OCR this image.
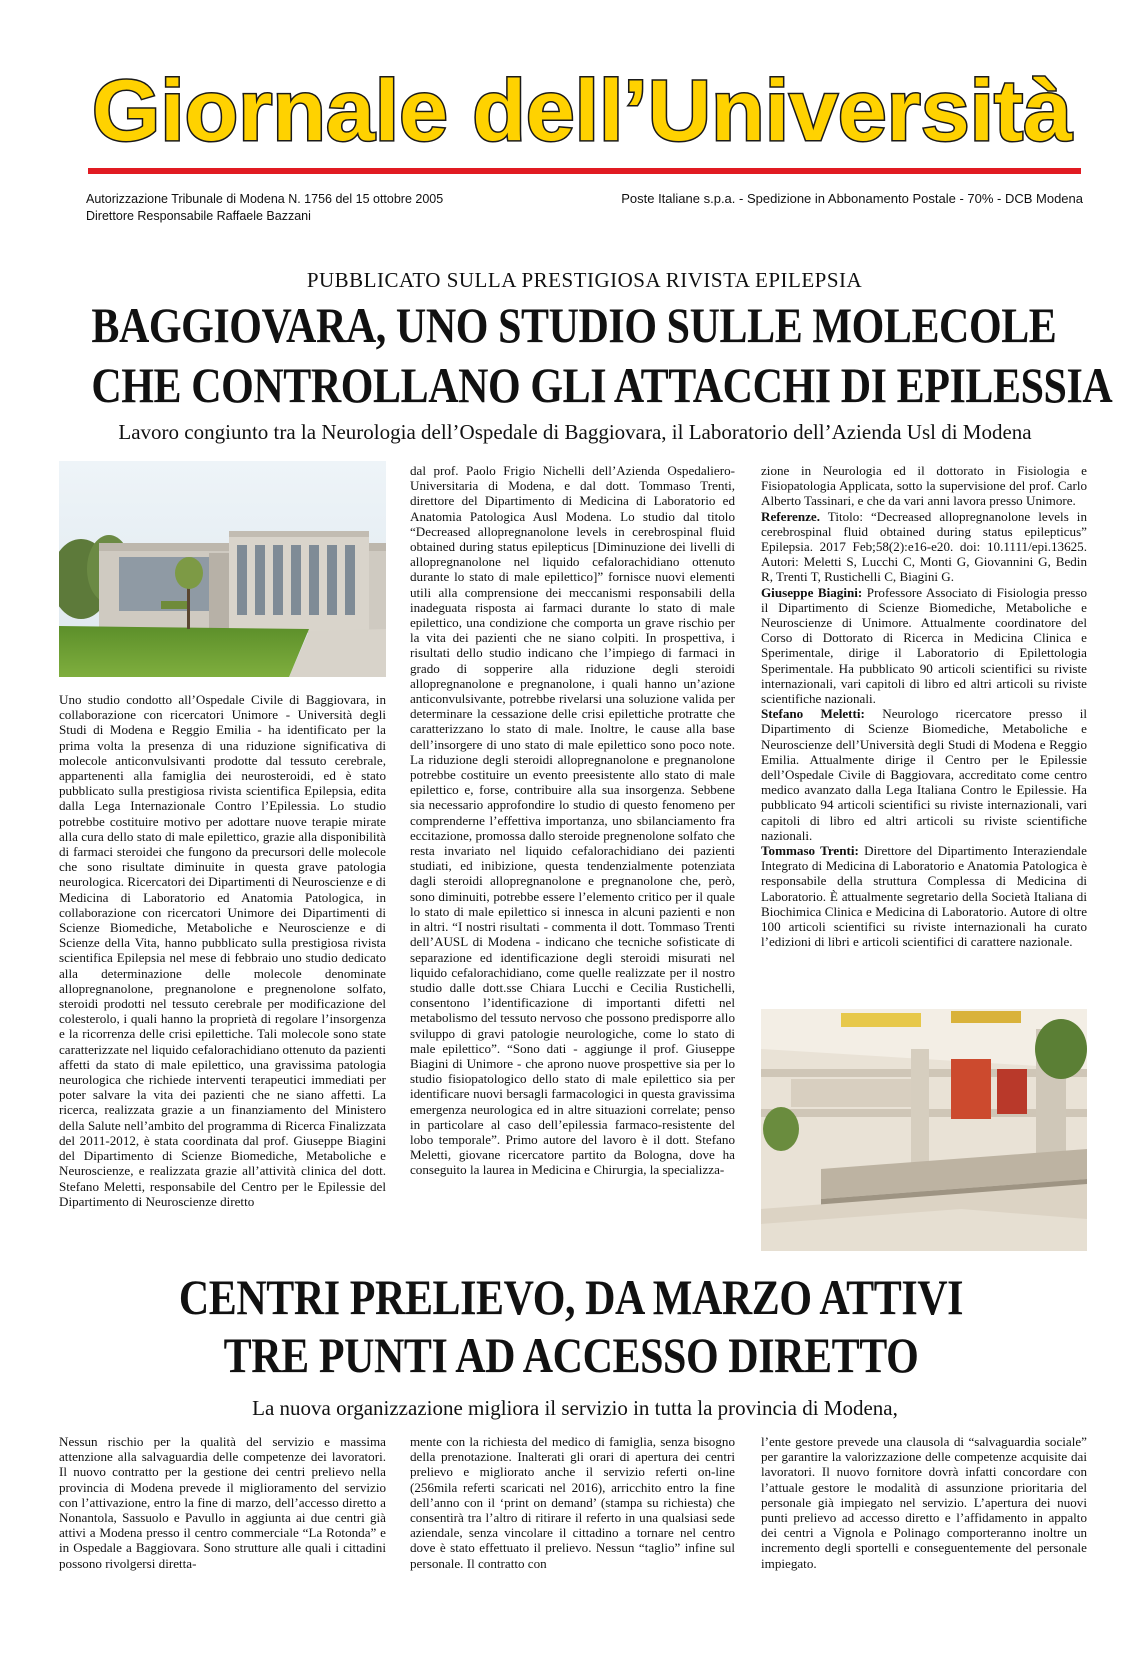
Giornale dell’Università
Autorizzazione Tribunale di Modena N. 1756 del 15 ottobre 2005
Direttore Responsabile Raffaele Bazzani
Poste Italiane s.p.a. - Spedizione in Abbonamento Postale - 70% - DCB Modena
PUBBLICATO SULLA PRESTIGIOSA RIVISTA EPILEPSIA
BAGGIOVARA, UNO STUDIO SULLE MOLECOLE
CHE CONTROLLANO GLI ATTACCHI DI EPILESSIA
Lavoro congiunto tra la Neurologia dell’Ospedale di Baggiovara, il Laboratorio dell’Azienda Usl di Modena

Uno studio condotto all’Ospedale Civile di Baggiovara, in collaborazione con ricercatori Unimore - Università degli Studi di Modena e Reggio Emilia - ha identificato per la prima volta la presenza di una riduzione significativa di molecole anticonvulsivanti prodotte dal tessuto cerebrale, appartenenti alla famiglia dei neurosteroidi, ed è stato pubblicato sulla prestigiosa rivista scientifica Epilepsia, edita dalla Lega Internazionale Contro l’Epilessia. Lo studio potrebbe costituire motivo per adottare nuove terapie mirate alla cura dello stato di male epilettico, grazie alla disponibilità di farmaci steroidei che fungono da precursori delle molecole che sono risultate diminuite in questa grave patologia neurologica. Ricercatori dei Dipartimenti di Neuroscienze e di Medicina di Laboratorio ed Anatomia Patologica, in collaborazione con ricercatori Unimore dei Dipartimenti di Scienze Biomediche, Metaboliche e Neuroscienze e di Scienze della Vita, hanno pubblicato sulla prestigiosa rivista scientifica Epilepsia nel mese di febbraio uno studio dedicato alla determinazione delle molecole denominate allopregnanolone, pregnanolone e pregnenolone solfato, steroidi prodotti nel tessuto cerebrale per modificazione del colesterolo, i quali hanno la proprietà di regolare l’insorgenza e la ricorrenza delle crisi epilettiche. Tali molecole sono state caratterizzate nel liquido cefalorachidiano ottenuto da pazienti affetti da stato di male epilettico, una gravissima patologia neurologica che richiede interventi terapeutici immediati per poter salvare la vita dei pazienti che ne siano affetti. La ricerca, realizzata grazie a un finanziamento del Ministero della Salute nell’ambito del programma di Ricerca Finalizzata del 2011-2012, è stata coordinata dal prof. Giuseppe Biagini del Dipartimento di Scienze Biomediche, Metaboliche e Neuroscienze, e realizzata grazie all’attività clinica del dott. Stefano Meletti, responsabile del Centro per le Epilessie del Dipartimento di Neuroscienze diretto

dal prof. Paolo Frigio Nichelli dell’Azienda Ospedaliero-Universitaria di Modena, e dal dott. Tommaso Trenti, direttore del Dipartimento di Medicina di Laboratorio ed Anatomia Patologica Ausl Modena. Lo studio dal titolo “Decreased allopregnanolone levels in cerebrospinal fluid obtained during status epilepticus [Diminuzione dei livelli di allopregnanolone nel liquido cefalorachidiano ottenuto durante lo stato di male epilettico]” fornisce nuovi elementi utili alla comprensione dei meccanismi responsabili della inadeguata risposta ai farmaci durante lo stato di male epilettico, una condizione che comporta un grave rischio per la vita dei pazienti che ne siano colpiti. In prospettiva, i risultati dello studio indicano che l’impiego di farmaci in grado di sopperire alla riduzione degli steroidi allopregnanolone e pregnanolone, i quali hanno un’azione anticonvulsivante, potrebbe rivelarsi una soluzione valida per determinare la cessazione delle crisi epilettiche protratte che caratterizzano lo stato di male. Inoltre, le cause alla base dell’insorgere di uno stato di male epilettico sono poco note. La riduzione degli steroidi allopregnanolone e pregnanolone potrebbe costituire un evento preesistente allo stato di male epilettico e, forse, contribuire alla sua insorgenza. Sebbene sia necessario approfondire lo studio di questo fenomeno per comprenderne l’effettiva importanza, uno sbilanciamento fra eccitazione, promossa dallo steroide pregnenolone solfato che resta invariato nel liquido cefalorachidiano dei pazienti studiati, ed inibizione, questa tendenzialmente potenziata dagli steroidi allopregnanolone e pregnanolone che, però, sono diminuiti, potrebbe essere l’elemento critico per il quale lo stato di male epilettico si innesca in alcuni pazienti e non in altri. “I nostri risultati - commenta il dott. Tommaso Trenti dell’AUSL di Modena - indicano che tecniche sofisticate di separazione ed identificazione degli steroidi misurati nel liquido cefalorachidiano, come quelle realizzate per il nostro studio dalle dott.sse Chiara Lucchi e Cecilia Rustichelli, consentono l’identificazione di importanti difetti nel metabolismo del tessuto nervoso che possono predisporre allo sviluppo di gravi patologie neurologiche, come lo stato di male epilettico”. “Sono dati - aggiunge il prof. Giuseppe Biagini di Unimore - che aprono nuove prospettive sia per lo studio fisiopatologico dello stato di male epilettico sia per identificare nuovi bersagli farmacologici in questa gravissima emergenza neurologica ed in altre situazioni correlate; penso in particolare al caso dell’epilessia farmaco-resistente del lobo temporale”. Primo autore del lavoro è il dott. Stefano Meletti, giovane ricercatore partito da Bologna, dove ha conseguito la laurea in Medicina e Chirurgia, la specializza-

zione in Neurologia ed il dottorato in Fisiologia e Fisiopatologia Applicata, sotto la supervisione del prof. Carlo Alberto Tassinari, e che da vari anni lavora presso Unimore.

Referenze. Titolo: “Decreased allopregnanolone levels in cerebrospinal fluid obtained during status epilepticus” Epilepsia. 2017 Feb;58(2):e16-e20. doi: 10.1111/epi.13625. Autori: Meletti S, Lucchi C, Monti G, Giovannini G, Bedin R, Trenti T, Rustichelli C, Biagini G.

Giuseppe Biagini: Professore Associato di Fisiologia presso il Dipartimento di Scienze Biomediche, Metaboliche e Neuroscienze di Unimore. Attualmente coordinatore del Corso di Dottorato di Ricerca in Medicina Clinica e Sperimentale, dirige il Laboratorio di Epilettologia Sperimentale. Ha pubblicato 90 articoli scientifici su riviste internazionali, vari capitoli di libro ed altri articoli su riviste scientifiche nazionali.

Stefano Meletti: Neurologo ricercatore presso il Dipartimento di Scienze Biomediche, Metaboliche e Neuroscienze dell’Università degli Studi di Modena e Reggio Emilia. Attualmente dirige il Centro per le Epilessie dell’Ospedale Civile di Baggiovara, accreditato come centro medico avanzato dalla Lega Italiana Contro le Epilessie. Ha pubblicato 94 articoli scientifici su riviste internazionali, vari capitoli di libro ed altri articoli su riviste scientifiche nazionali.

Tommaso Trenti: Direttore del Dipartimento Interaziendale Integrato di Medicina di Laboratorio e Anatomia Patologica è responsabile della struttura Complessa di Medicina di Laboratorio. È attualmente segretario della Società Italiana di Biochimica Clinica e Medicina di Laboratorio. Autore di oltre 100 articoli scientifici su riviste internazionali ha curato l’edizioni di libri e articoli scientifici di carattere nazionale.

CENTRI PRELIEVO, DA MARZO ATTIVI
TRE PUNTI AD ACCESSO DIRETTO
La nuova organizzazione migliora il servizio in tutta la provincia di Modena,

Nessun rischio per la qualità del servizio e massima attenzione alla salvaguardia delle competenze dei lavoratori. Il nuovo contratto per la gestione dei centri prelievo nella provincia di Modena prevede il miglioramento del servizio con l’attivazione, entro la fine di marzo, dell’accesso diretto a Nonantola, Sassuolo e Pavullo in aggiunta ai due centri già attivi a Modena presso il centro commerciale “La Rotonda” e in Ospedale a Baggiovara. Sono strutture alle quali i cittadini possono rivolgersi diretta-

mente con la richiesta del medico di famiglia, senza bisogno della prenotazione. Inalterati gli orari di apertura dei centri prelievo e migliorato anche il servizio referti on-line (256mila referti scaricati nel 2016), arricchito entro la fine dell’anno con il ‘print on demand’ (stampa su richiesta) che consentirà tra l’altro di ritirare il referto in una qualsiasi sede aziendale, senza vincolare il cittadino a tornare nel centro dove è stato effettuato il prelievo. Nessun “taglio” infine sul personale. Il contratto con

l’ente gestore prevede una clausola di “salvaguardia sociale” per garantire la valorizzazione delle competenze acquisite dai lavoratori. Il nuovo fornitore dovrà infatti concordare con l’attuale gestore le modalità di assunzione prioritaria del personale già impiegato nel servizio. L’apertura dei nuovi punti prelievo ad accesso diretto e l’affidamento in appalto dei centri a Vignola e Polinago comporteranno inoltre un incremento degli sportelli e conseguentemente del personale impiegato.
